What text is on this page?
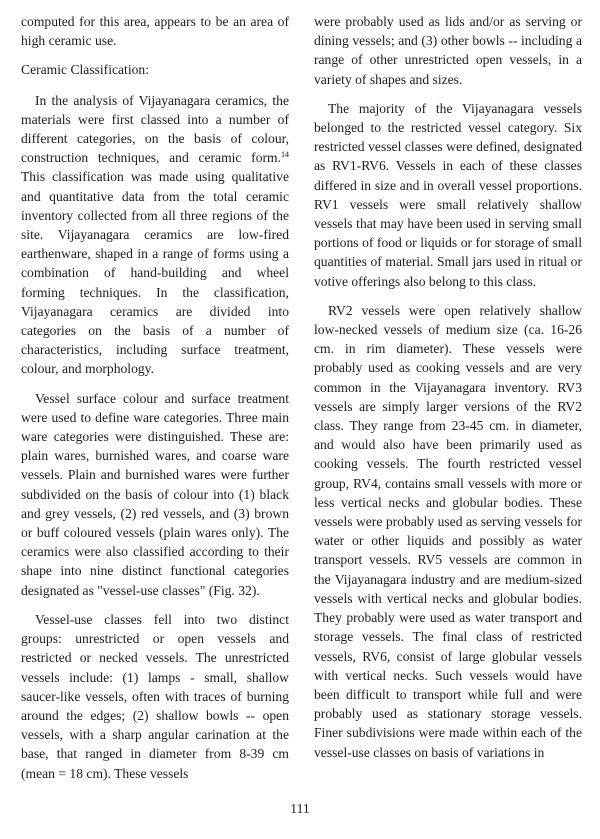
computed for this area, appears to be an area of high ceramic use.

Ceramic Classification:

In the analysis of Vijayanagara ceramics, the materials were first classed into a number of different categories, on the basis of colour, construction techniques, and ceramic form.$^{14}$ This classification was made using qualitative and quantitative data from the total ceramic inventory collected from all three regions of the site. Vijayanagara ceramics are low-fired earthenware, shaped in a range of forms using a combination of hand-building and wheel forming techniques. In the classification, Vijayanagara ceramics are divided into categories on the basis of a number of characteristics, including surface treatment, colour, and morphology.

Vessel surface colour and surface treatment were used to define ware categories. Three main ware categories were distinguished. These are: plain wares, burnished wares, and coarse ware vessels. Plain and burnished wares were further subdivided on the basis of colour into (1) black and grey vessels, (2) red vessels, and (3) brown or buff coloured vessels (plain wares only). The ceramics were also classified according to their shape into nine distinct functional categories designated as "vessel-use classes" (Fig. 32).

Vessel-use classes fell into two distinct groups: unrestricted or open vessels and restricted or necked vessels. The unrestricted vessels include: (1) lamps - small, shallow saucer-like vessels, often with traces of burning around the edges; (2) shallow bowls -- open vessels, with a sharp angular carination at the base, that ranged in diameter from 8-39 cm (mean = 18 cm). These vessels

were probably used as lids and/or as serving or dining vessels; and (3) other bowls -- including a range of other unrestricted open vessels, in a variety of shapes and sizes.

The majority of the Vijayanagara vessels belonged to the restricted vessel category. Six restricted vessel classes were defined, designated as RV1-RV6. Vessels in each of these classes differed in size and in overall vessel proportions. RV1 vessels were small relatively shallow vessels that may have been used in serving small portions of food or liquids or for storage of small quantities of material. Small jars used in ritual or votive offerings also belong to this class.

RV2 vessels were open relatively shallow low-necked vessels of medium size (ca. 16-26 cm. in rim diameter). These vessels were probably used as cooking vessels and are very common in the Vijayanagara inventory. RV3 vessels are simply larger versions of the RV2 class. They range from 23-45 cm. in diameter, and would also have been primarily used as cooking vessels. The fourth restricted vessel group, RV4, contains small vessels with more or less vertical necks and globular bodies. These vessels were probably used as serving vessels for water or other liquids and possibly as water transport vessels. RV5 vessels are common in the Vijayanagara industry and are medium-sized vessels with vertical necks and globular bodies. They probably were used as water transport and storage vessels. The final class of restricted vessels, RV6, consist of large globular vessels with vertical necks. Such vessels would have been difficult to transport while full and were probably used as stationary storage vessels. Finer subdivisions were made within each of the vessel-use classes on basis of variations in

111
